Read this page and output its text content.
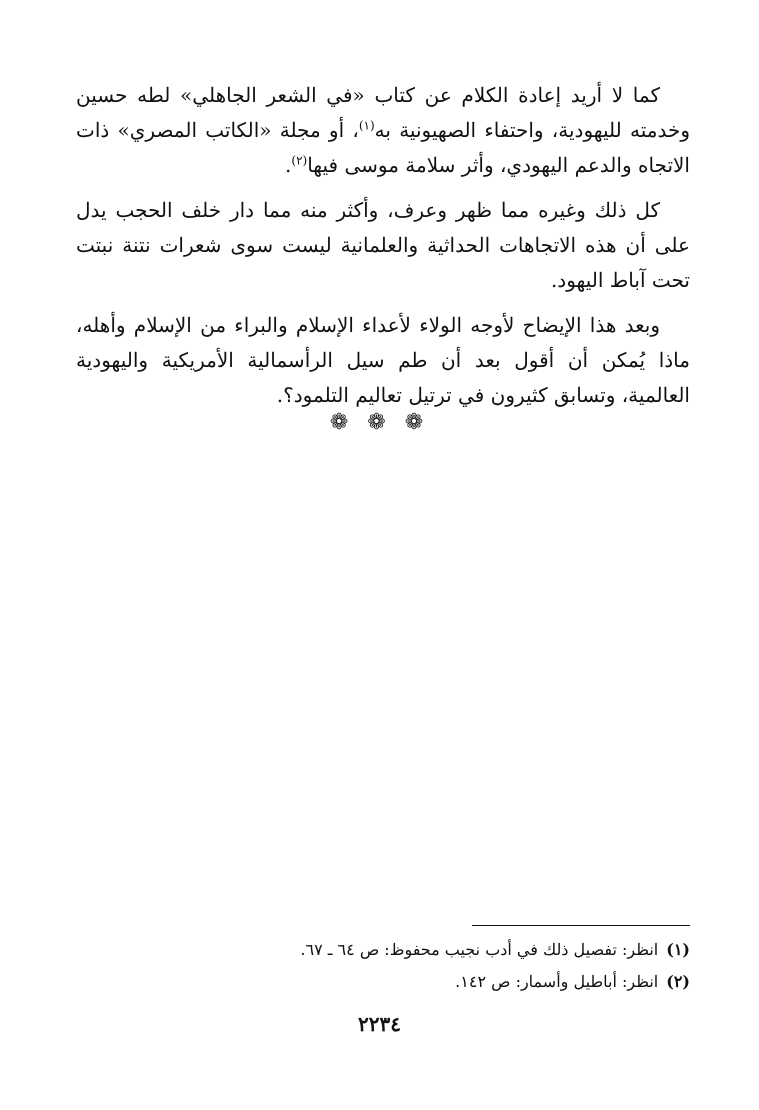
كما لا أريد إعادة الكلام عن كتاب «في الشعر الجاهلي» لطه حسين وخدمته لليهودية، واحتفاء الصهيونية به$^{(١)}$، أو مجلة «الكاتب المصري» ذات الاتجاه والدعم اليهودي، وأثر سلامة موسى فيها$^{(٢)}$.

كل ذلك وغيره مما ظهر وعرف، وأكثر منه مما دار خلف الحجب يدل على أن هذه الاتجاهات الحداثية والعلمانية ليست سوى شعرات نتنة نبتت تحت آباط اليهود.

وبعد هذا الإيضاح لأوجه الولاء لأعداء الإسلام والبراء من الإسلام وأهله، ماذا يُمكن أن أقول بعد أن طم سيل الرأسمالية الأمريكية واليهودية العالمية، وتسابق كثيرون في ترتيل تعاليم التلمود؟.

❁ ❁ ❁

(١)انظر: تفصيل ذلك في أدب نجيب محفوظ: ص ٦٤ ـ ٦٧.

(٢)انظر: أباطيل وأسمار: ص ١٤٢.

٢٢٣٤
